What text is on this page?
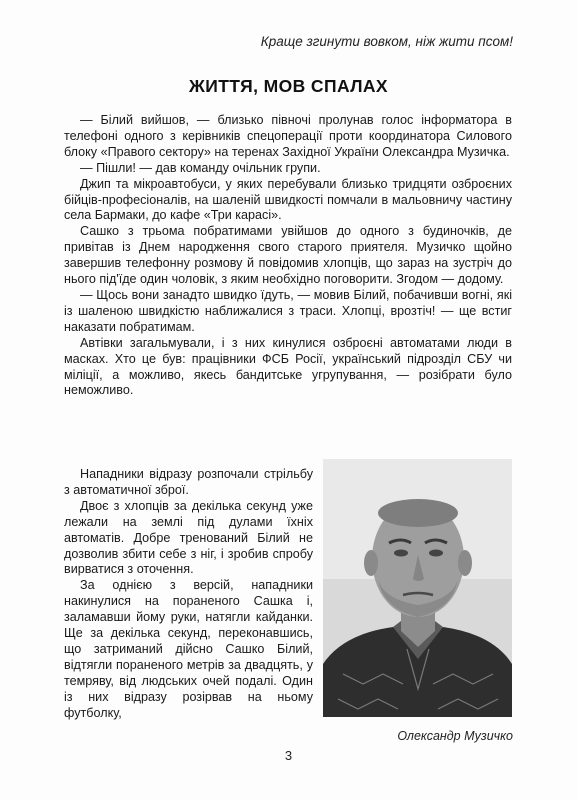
Краще згинути вовком, ніж жити псом!
ЖИТТЯ, МОВ СПАЛАХ

— Білий вийшов, — близько півночі пролунав голос інформатора в телефоні одного з керівників спецоперації проти координатора Силового блоку «Правого сектору» на теренах Західної України Олександра Музичка.

— Пішли! — дав команду очільник групи.

Джип та мікроавтобуси, у яких перебували близько тридцяти озброєних бійців-професіоналів, на шаленій швидкості помчали в мальовничу частину села Бармаки, до кафе «Три карасі».

Сашко з трьома побратимами увійшов до одного з будиночків, де привітав із Днем народження свого старого приятеля. Музичко щойно завершив телефонну розмову й повідомив хлопців, що зараз на зустріч до нього під'їде один чоловік, з яким необхідно поговорити. Згодом — додому.

— Щось вони занадто швидко їдуть, — мовив Білий, побачивши вогні, які із шаленою швидкістю наближалися з траси. Хлопці, врозтіч! — ще встиг наказати побратимам.

Автівки загальмували, і з них кинулися озброєні автоматами люди в масках. Хто це був: працівники ФСБ Росії, український підрозділ СБУ чи міліції, а можливо, якесь бандитське угрупування, — розібрати було неможливо.

Нападники відразу розпочали стрільбу з автоматичної зброї.

Двоє з хлопців за декілька секунд уже лежали на землі під дулами їхніх автоматів. Добре тренований Білий не дозволив збити себе з ніг, і зробив спробу вирватися з оточення.

За однією з версій, нападники накинулися на пораненого Сашка і, заламавши йому руки, натягли кайданки. Ще за декілька секунд, переконавшись, що затриманий дійсно Сашко Білий, відтягли пораненого метрів за двадцять, у темряву, від людських очей подалі. Один із них відразу розірвав на ньому футболку,

Олександр Музичко
3
